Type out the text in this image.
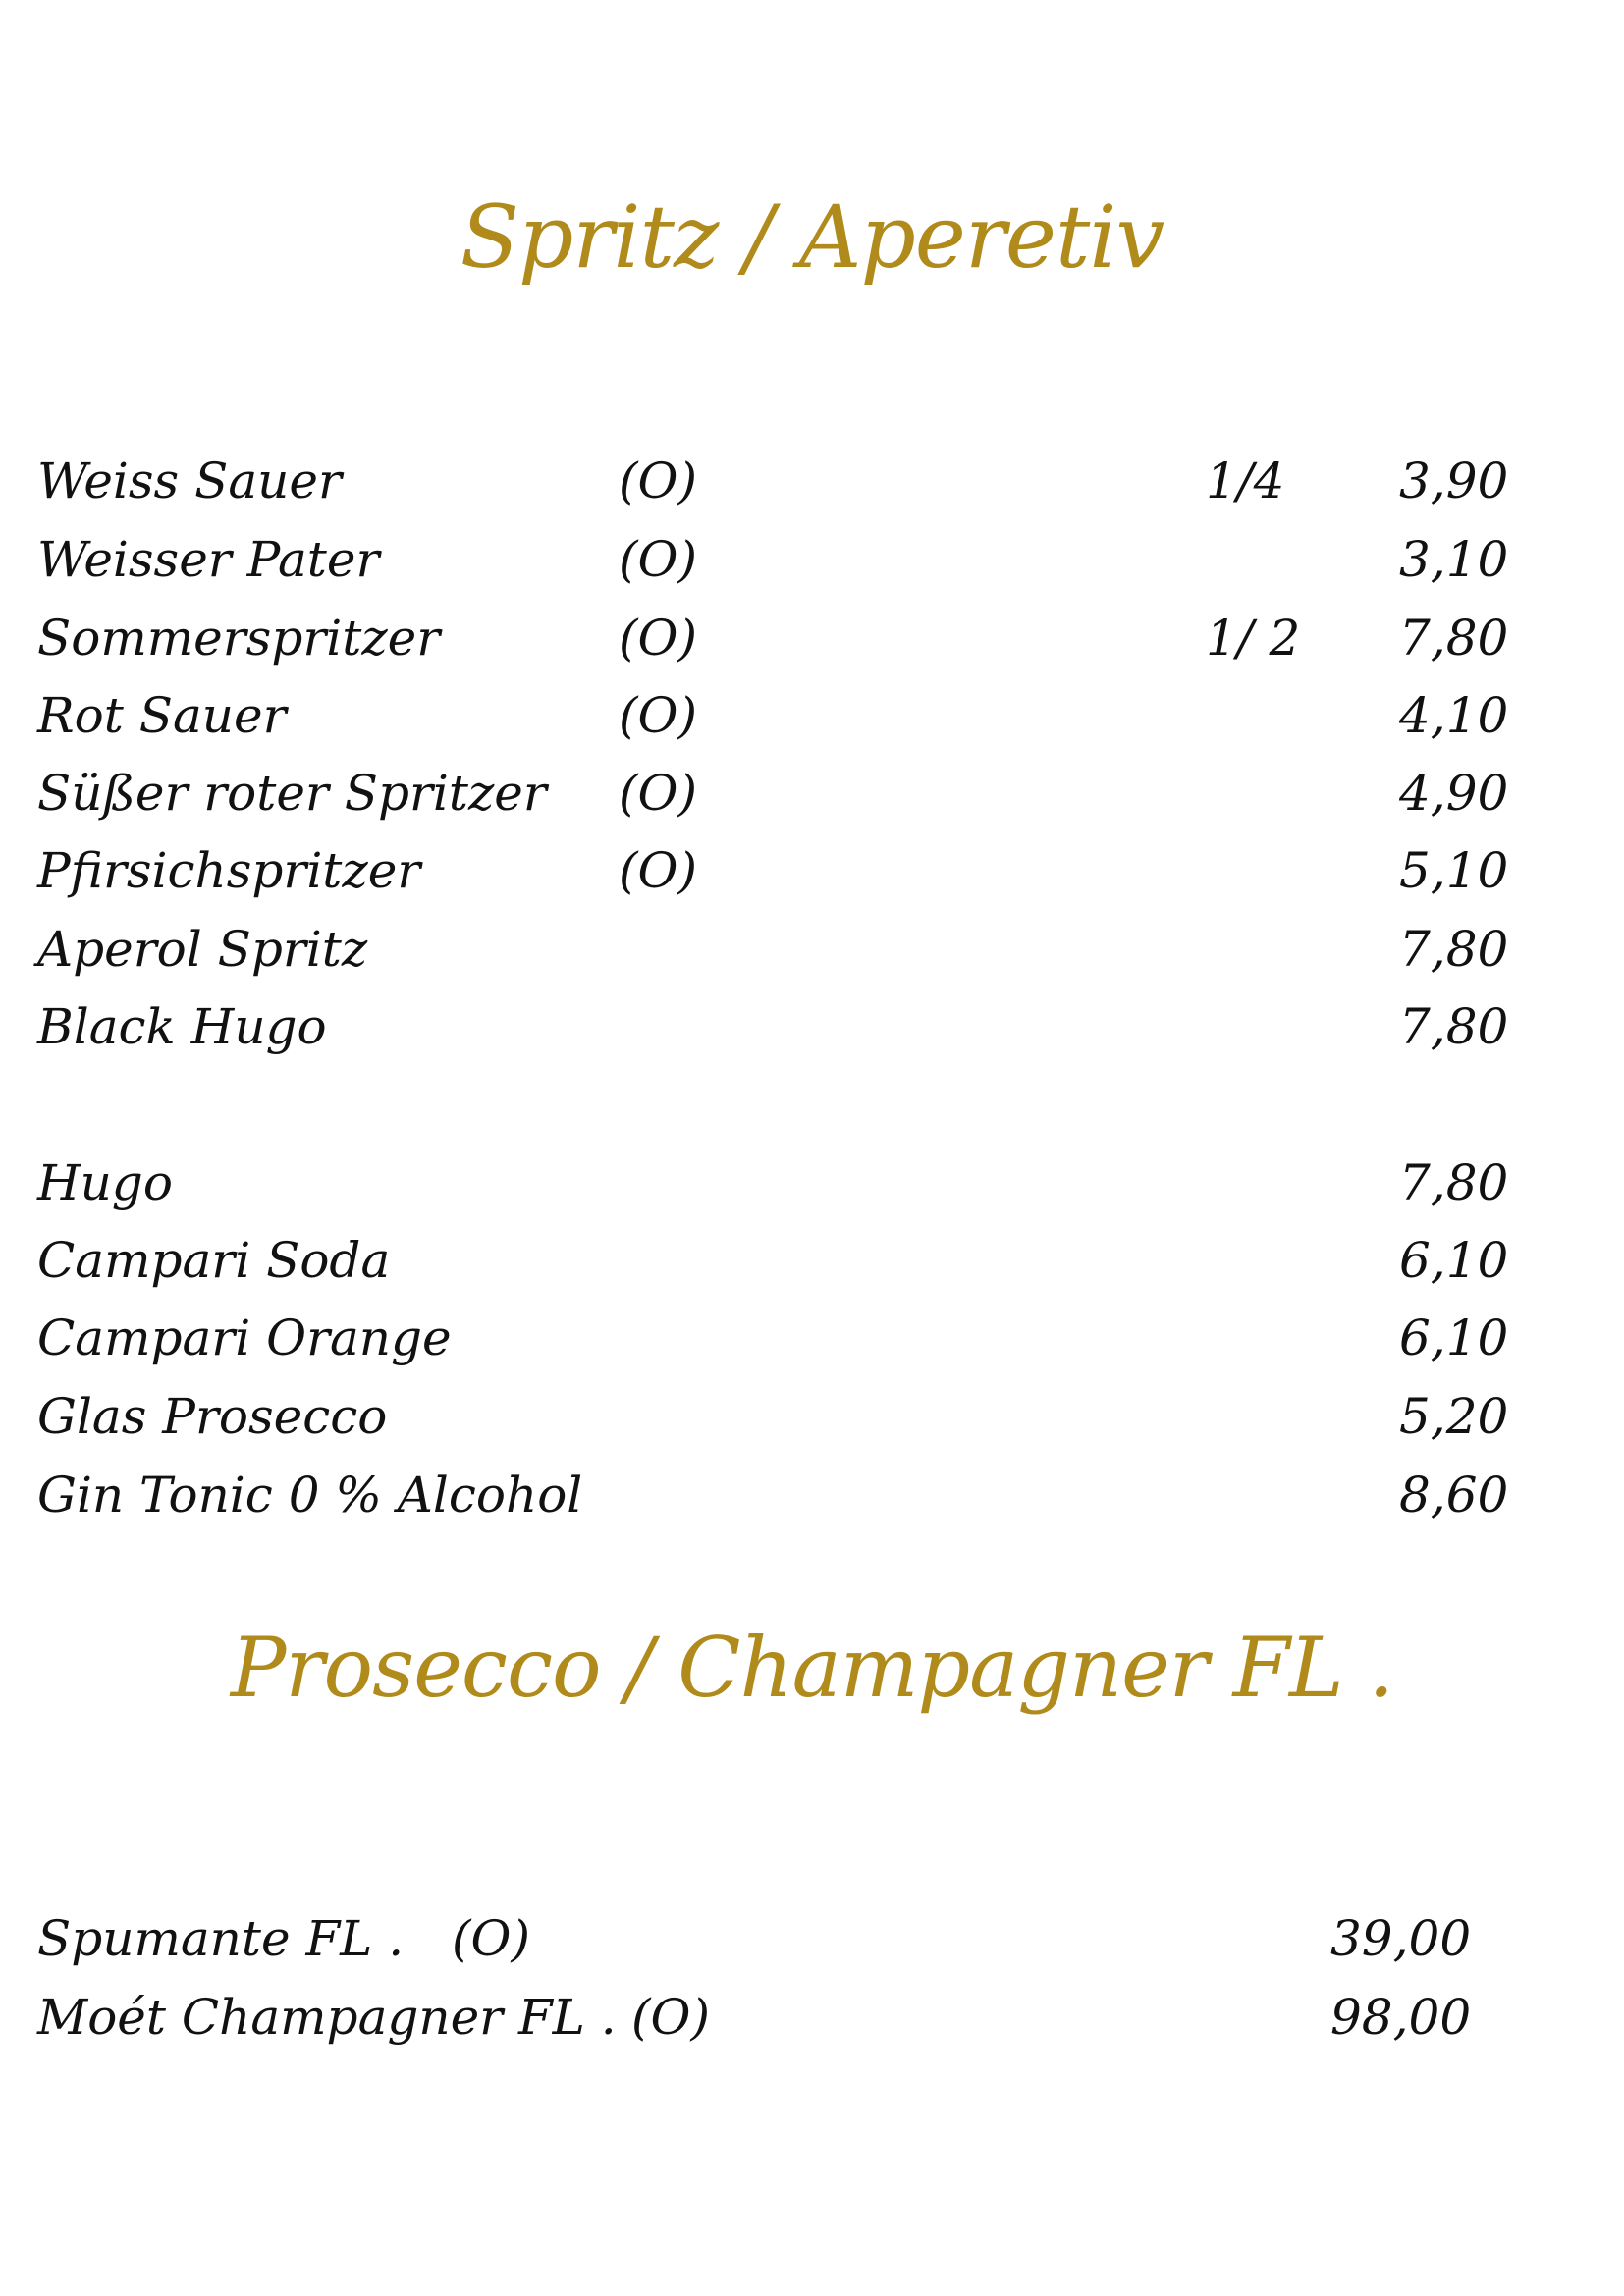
Spritz / Aperetiv
Weiss Sauer	(O)	1/4 3,90
Weisser Pater	(O)	3,10
Sommerspritzer	(O)	1/ 2 7,80
Rot Sauer	(O)	4,10
Süßer roter Spritzer (O)	4,90
Pfirsichspritzer	(O)	5,10
Aperol Spritz	7,80
Black Hugo	7,80
Hugo	7,80
Campari Soda	6,10
Campari Orange	6,10
Glas Prosecco	5,20
Gin Tonic 0 % Alcohol	8,60
Prosecco / Champagner FL .
Spumante FL . (O)	39,00
Moét Champagner FL . (O)	98,00
